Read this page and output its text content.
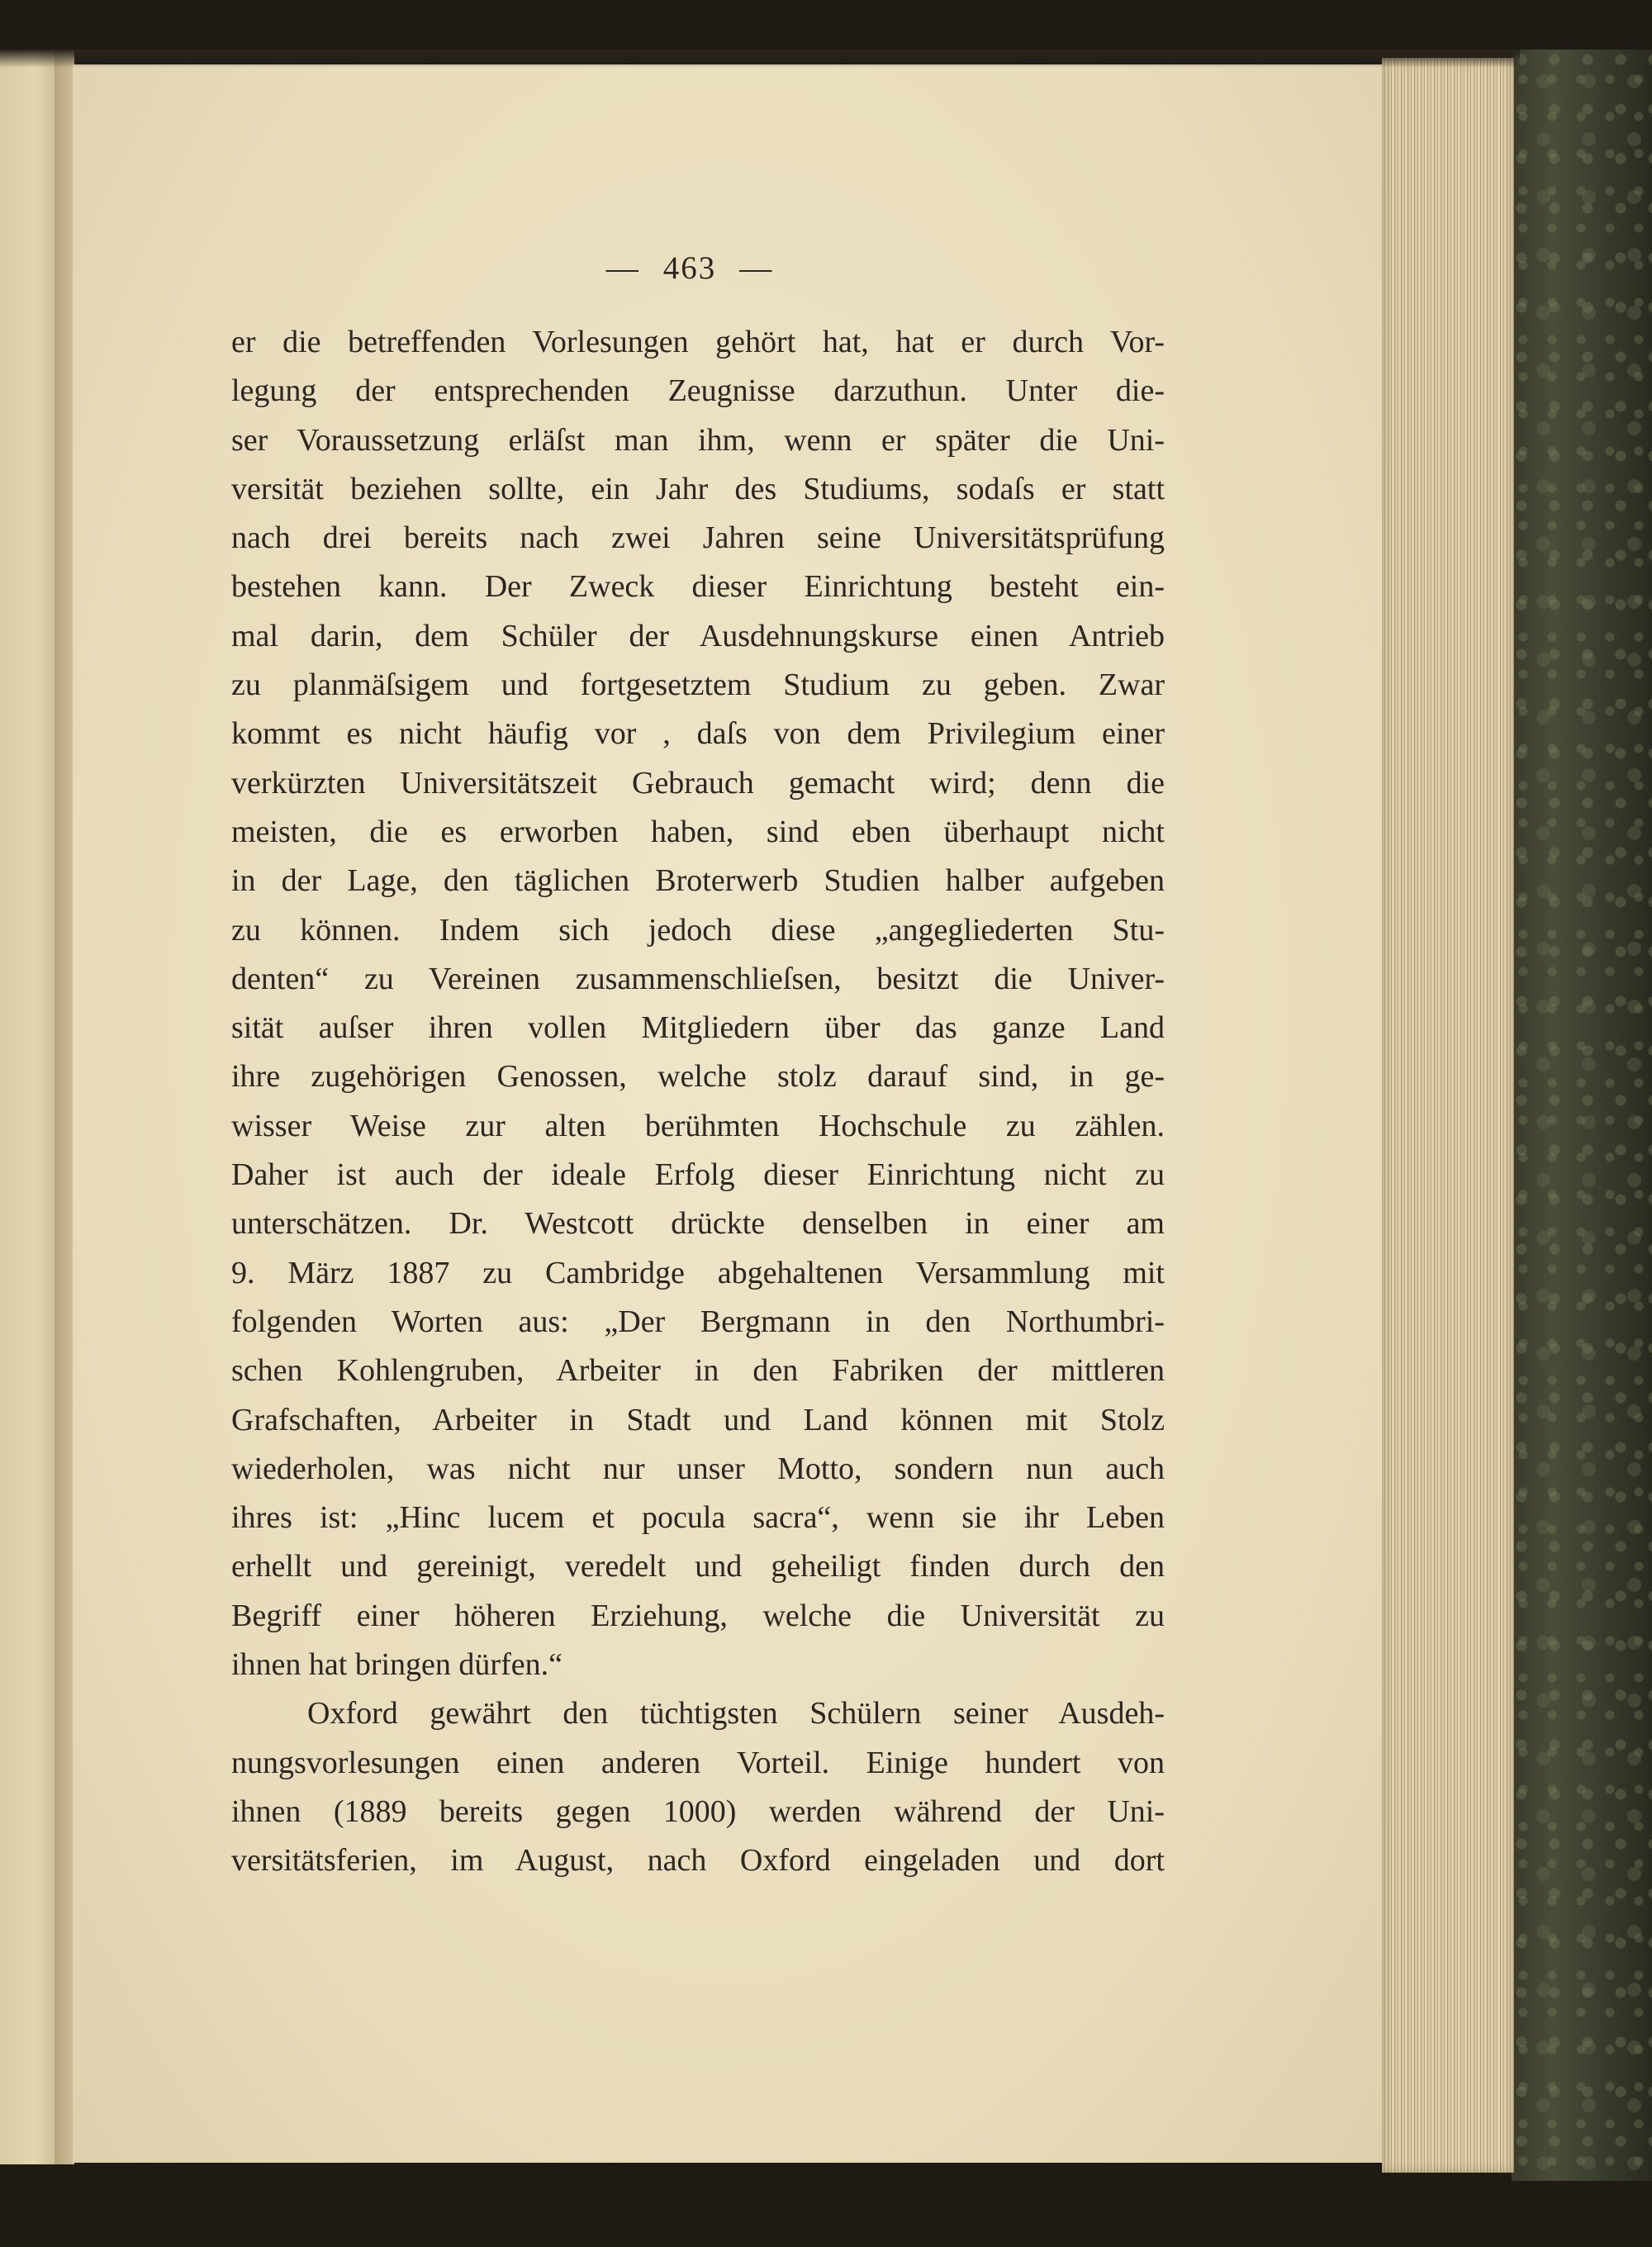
— 463 —
er die betreffenden Vorlesungen gehört hat, hat er durch Vor-
legung der entsprechenden Zeugnisse darzuthun. Unter die-
ser Voraussetzung erläſst man ihm, wenn er später die Uni-
versität beziehen sollte, ein Jahr des Studiums, sodaſs er statt
nach drei bereits nach zwei Jahren seine Universitätsprüfung
bestehen kann. Der Zweck dieser Einrichtung besteht ein-
mal darin, dem Schüler der Ausdehnungskurse einen Antrieb
zu planmäſsigem und fortgesetztem Studium zu geben. Zwar
kommt es nicht häufig vor , daſs von dem Privilegium einer
verkürzten Universitätszeit Gebrauch gemacht wird; denn die
meisten, die es erworben haben, sind eben überhaupt nicht
in der Lage, den täglichen Broterwerb Studien halber aufgeben
zu können. Indem sich jedoch diese „angegliederten Stu-
denten“ zu Vereinen zusammenschlieſsen, besitzt die Univer-
sität auſser ihren vollen Mitgliedern über das ganze Land
ihre zugehörigen Genossen, welche stolz darauf sind, in ge-
wisser Weise zur alten berühmten Hochschule zu zählen.
Daher ist auch der ideale Erfolg dieser Einrichtung nicht zu
unterschätzen. Dr. Westcott drückte denselben in einer am
9. März 1887 zu Cambridge abgehaltenen Versammlung mit
folgenden Worten aus: „Der Bergmann in den Northumbri-
schen Kohlengruben, Arbeiter in den Fabriken der mittleren
Grafschaften, Arbeiter in Stadt und Land können mit Stolz
wiederholen, was nicht nur unser Motto, sondern nun auch
ihres ist: „Hinc lucem et pocula sacra“, wenn sie ihr Leben
erhellt und gereinigt, veredelt und geheiligt finden durch den
Begriff einer höheren Erziehung, welche die Universität zu
ihnen hat bringen dürfen.“
Oxford gewährt den tüchtigsten Schülern seiner Ausdeh-
nungsvorlesungen einen anderen Vorteil. Einige hundert von
ihnen (1889 bereits gegen 1000) werden während der Uni-
versitätsferien, im August, nach Oxford eingeladen und dort
